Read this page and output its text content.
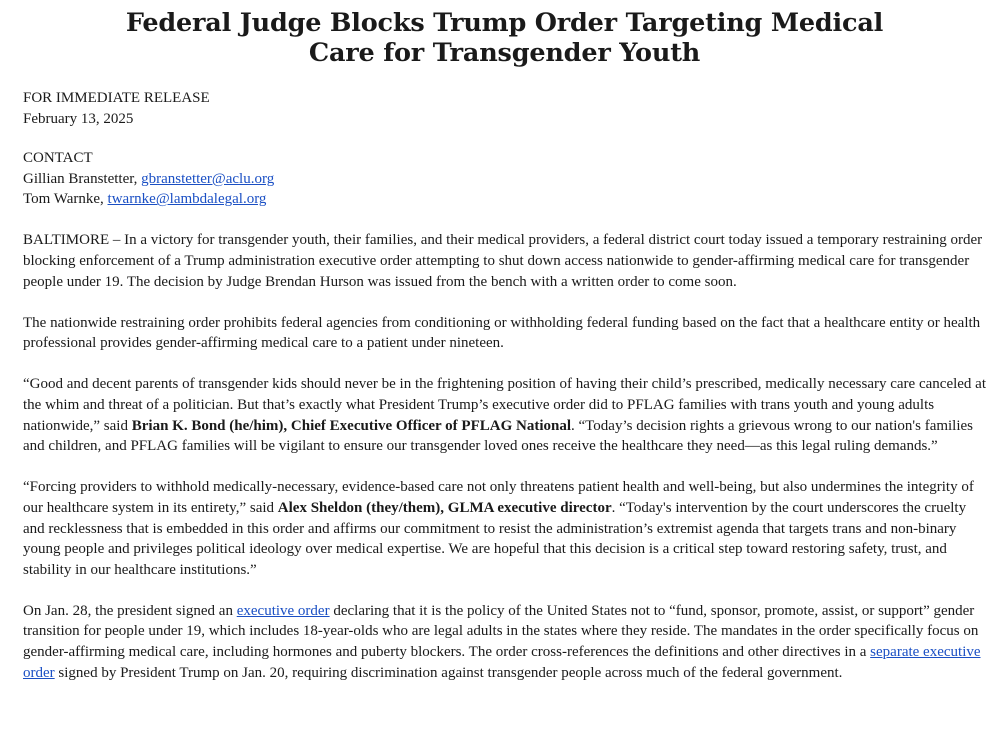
Federal Judge Blocks Trump Order Targeting Medical Care for Transgender Youth
FOR IMMEDIATE RELEASE
February 13, 2025
CONTACT
Gillian Branstetter, gbranstetter@aclu.org
Tom Warnke, twarnke@lambdalegal.org

BALTIMORE – In a victory for transgender youth, their families, and their medical providers, a federal district court today issued a temporary restraining order blocking enforcement of a Trump administration executive order attempting to shut down access nationwide to gender-affirming medical care for transgender people under 19. The decision by Judge Brendan Hurson was issued from the bench with a written order to come soon.

The nationwide restraining order prohibits federal agencies from conditioning or withholding federal funding based on the fact that a healthcare entity or health professional provides gender-affirming medical care to a patient under nineteen.

“Good and decent parents of transgender kids should never be in the frightening position of having their child’s prescribed, medically necessary care canceled at the whim and threat of a politician. But that’s exactly what President Trump’s executive order did to PFLAG families with trans youth and young adults nationwide,” said Brian K. Bond (he/him), Chief Executive Officer of PFLAG National. “Today’s decision rights a grievous wrong to our nation's families and children, and PFLAG families will be vigilant to ensure our transgender loved ones receive the healthcare they need—as this legal ruling demands.”

“Forcing providers to withhold medically-necessary, evidence-based care not only threatens patient health and well-being, but also undermines the integrity of our healthcare system in its entirety,” said Alex Sheldon (they/them), GLMA executive director. “Today's intervention by the court underscores the cruelty and recklessness that is embedded in this order and affirms our commitment to resist the administration’s extremist agenda that targets trans and non-binary young people and privileges political ideology over medical expertise. We are hopeful that this decision is a critical step toward restoring safety, trust, and stability in our healthcare institutions.”

On Jan. 28, the president signed an executive order declaring that it is the policy of the United States not to “fund, sponsor, promote, assist, or support” gender transition for people under 19, which includes 18-year-olds who are legal adults in the states where they reside. The mandates in the order specifically focus on gender-affirming medical care, including hormones and puberty blockers. The order cross-references the definitions and other directives in a separate executive order signed by President Trump on Jan. 20, requiring discrimination against transgender people across much of the federal government.
